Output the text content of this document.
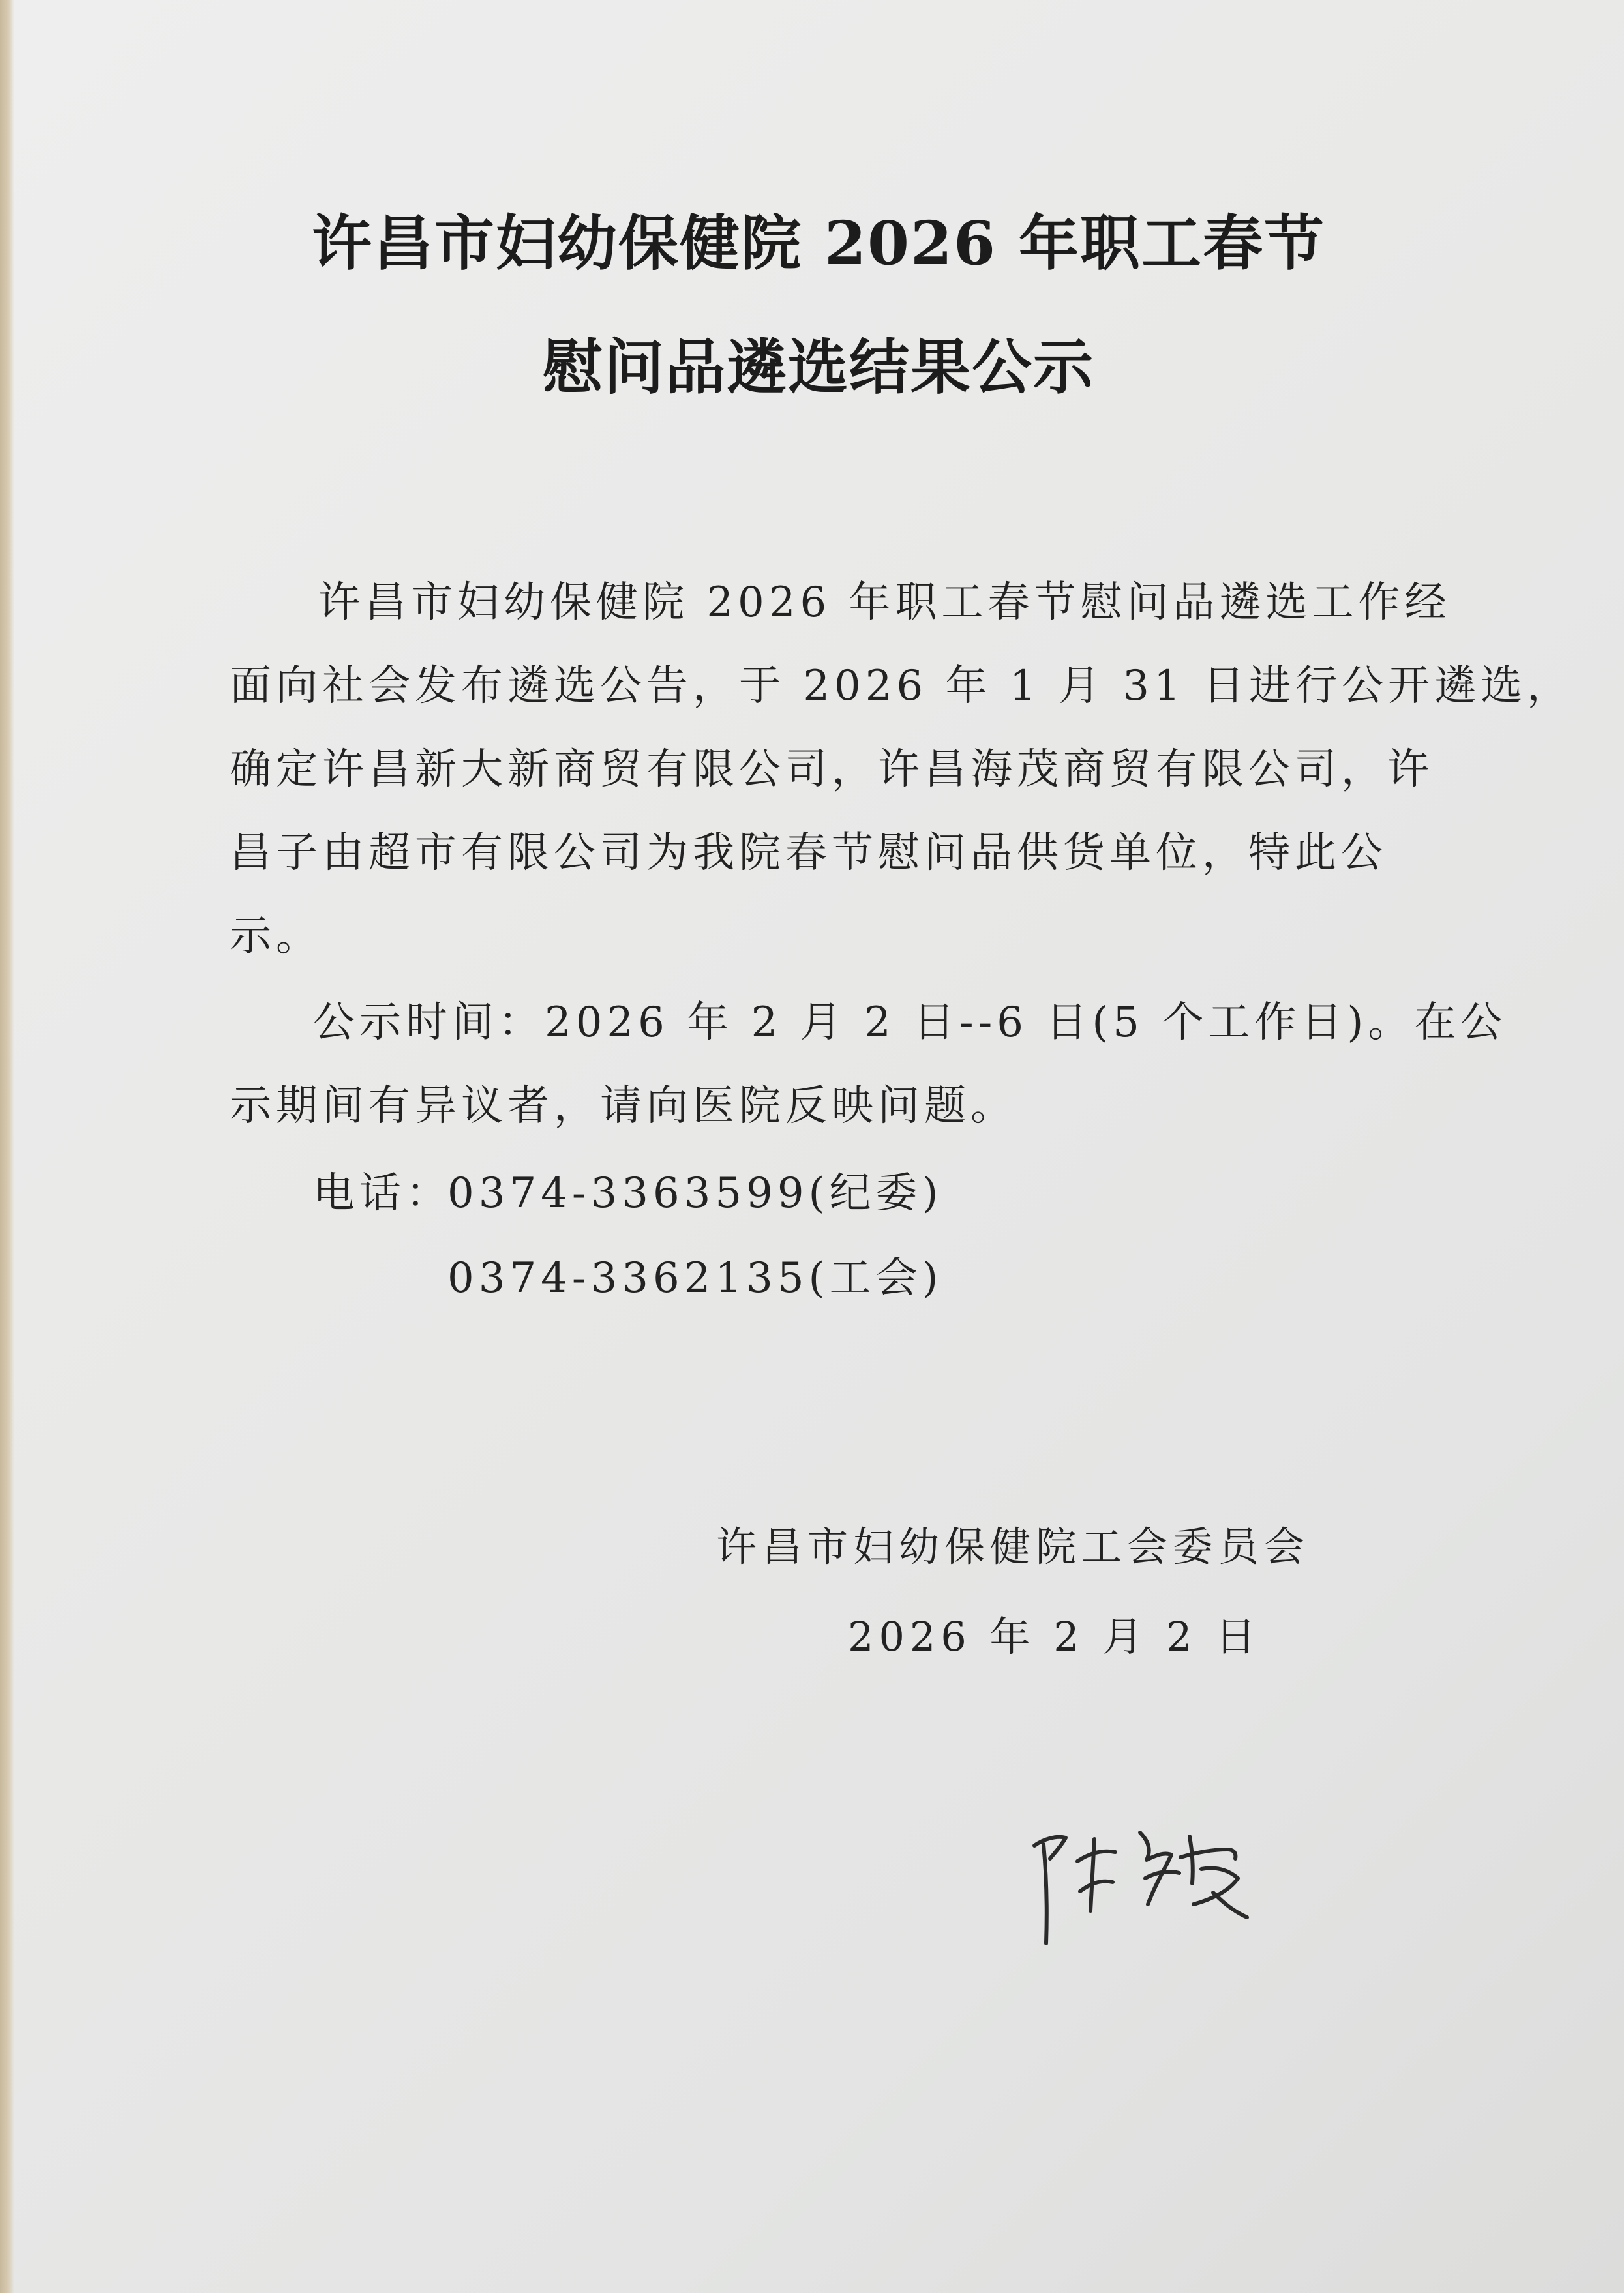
许昌市妇幼保健院 2026 年职工春节
慰问品遴选结果公示
许昌市妇幼保健院 2026 年职工春节慰问品遴选工作经
面向社会发布遴选公告，于 2026 年 1 月 31 日进行公开遴选，
确定许昌新大新商贸有限公司，许昌海茂商贸有限公司，许
昌子由超市有限公司为我院春节慰问品供货单位，特此公
示。
公示时间：2026 年 2 月 2 日--6 日(5 个工作日)。在公
示期间有异议者，请向医院反映问题。
电话：
0374-3363599(纪委)
0374-3362135(工会)
许昌市妇幼保健院工会委员会
2026 年 2 月 2 日
